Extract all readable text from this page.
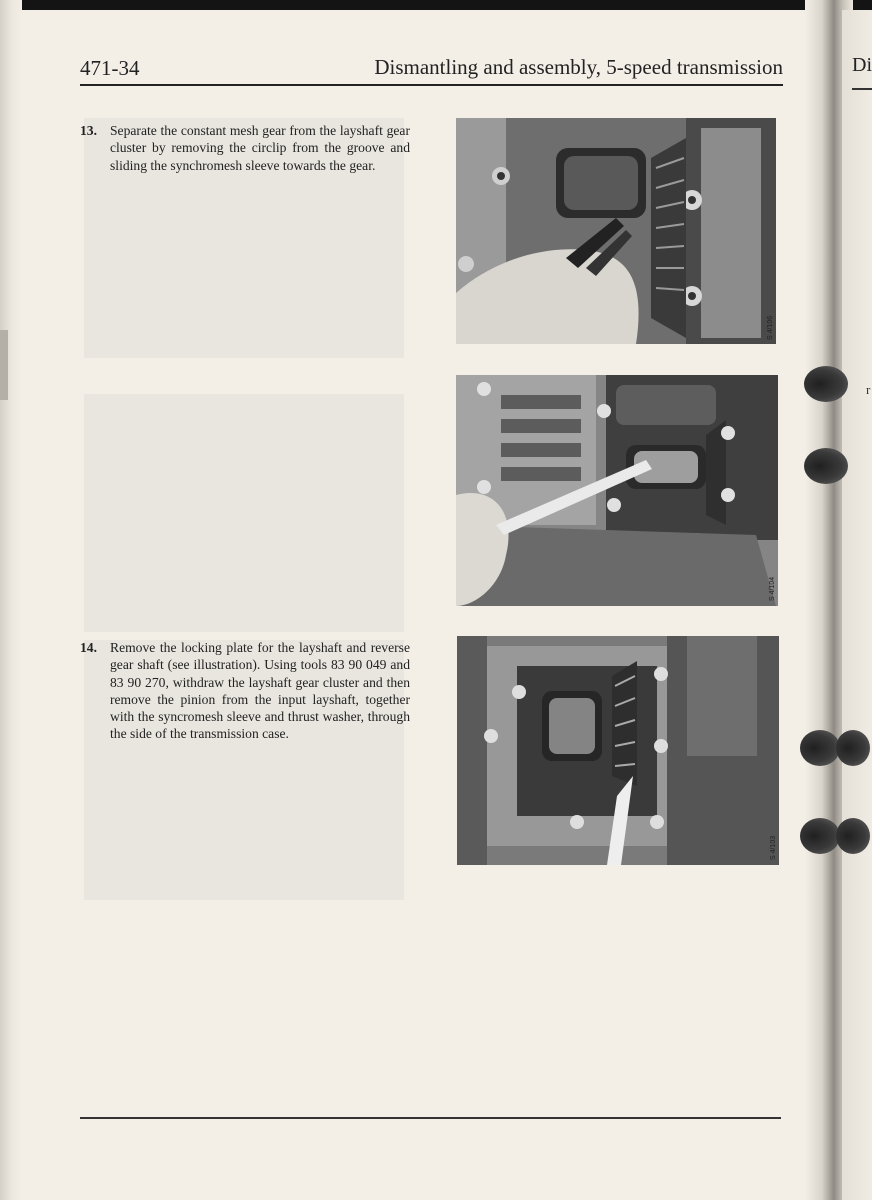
471-34	Dismantling and assembly, 5-speed transmission
13. Separate the constant mesh gear from the layshaft gear cluster by removing the circlip from the groove and sliding the synchromesh sleeve towards the gear.
14. Remove the locking plate for the layshaft and reverse gear shaft (see illustration). Using tools 83 90 049 and 83 90 270, withdraw the layshaft gear cluster and then remove the pinion from the input layshaft, together with the syncromesh sleeve and thrust washer, through the side of the transmission case.
S 4/106
S 4/104
S 4/103
Di
r
